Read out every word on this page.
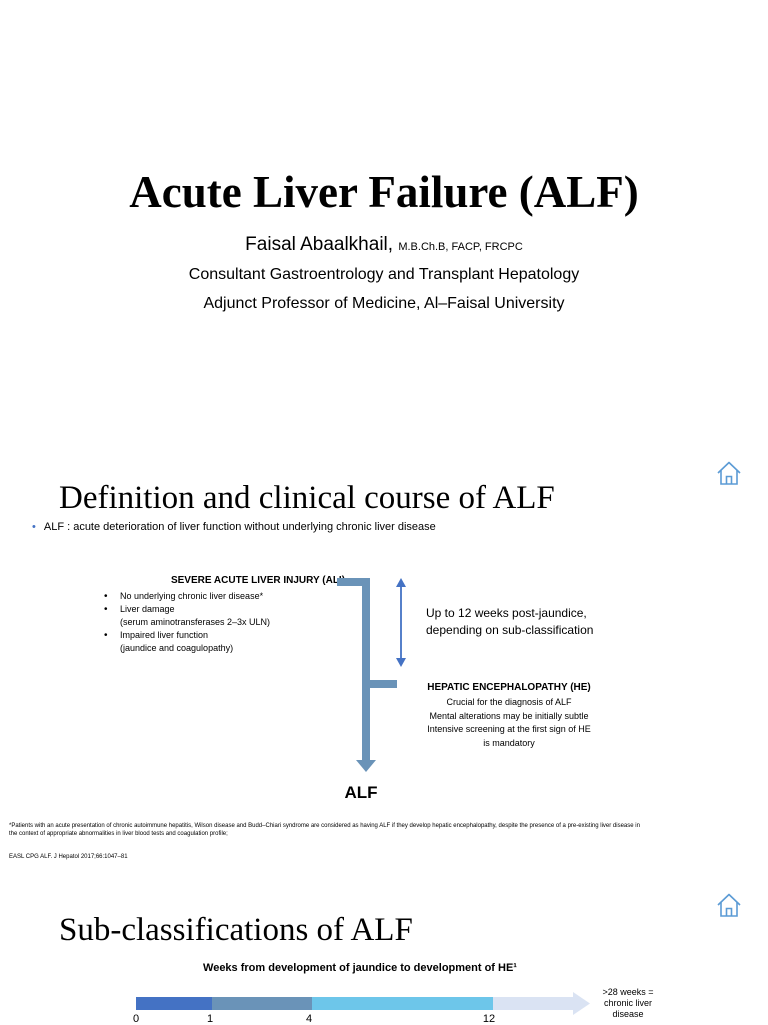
Acute Liver Failure (ALF)
Faisal Abaalkhail, M.B.Ch.B, FACP, FRCPC
Consultant Gastroentrology and Transplant Hepatology
Adjunct Professor of Medicine, Al–Faisal University
Definition and clinical course of ALF
• ALF : acute deterioration of liver function without underlying chronic liver disease
SEVERE ACUTE LIVER INJURY (ALI)
• No underlying chronic liver disease*
• Liver damage
(serum aminotransferases 2–3x ULN)
• Impaired liver function
(jaundice and coagulopathy)
Up to 12 weeks post-jaundice,
depending on sub-classification
HEPATIC ENCEPHALOPATHY (HE)
Crucial for the diagnosis of ALF
Mental alterations may be initially subtle
Intensive screening at the first sign of HE
is mandatory
ALF
*Patients with an acute presentation of chronic autoimmune hepatitis, Wilson disease and Budd–Chiari syndrome are considered as having ALF if they develop hepatic encephalopathy, despite the presence of a pre-existing liver disease in the context of appropriate abnormalities in liver blood tests and coagulation profile;
EASL CPG ALF. J Hepatol 2017;66:1047–81
Sub-classifications of ALF
Weeks from development of jaundice to development of HE¹
0	1	4	12
>28 weeks =
chronic liver
disease
